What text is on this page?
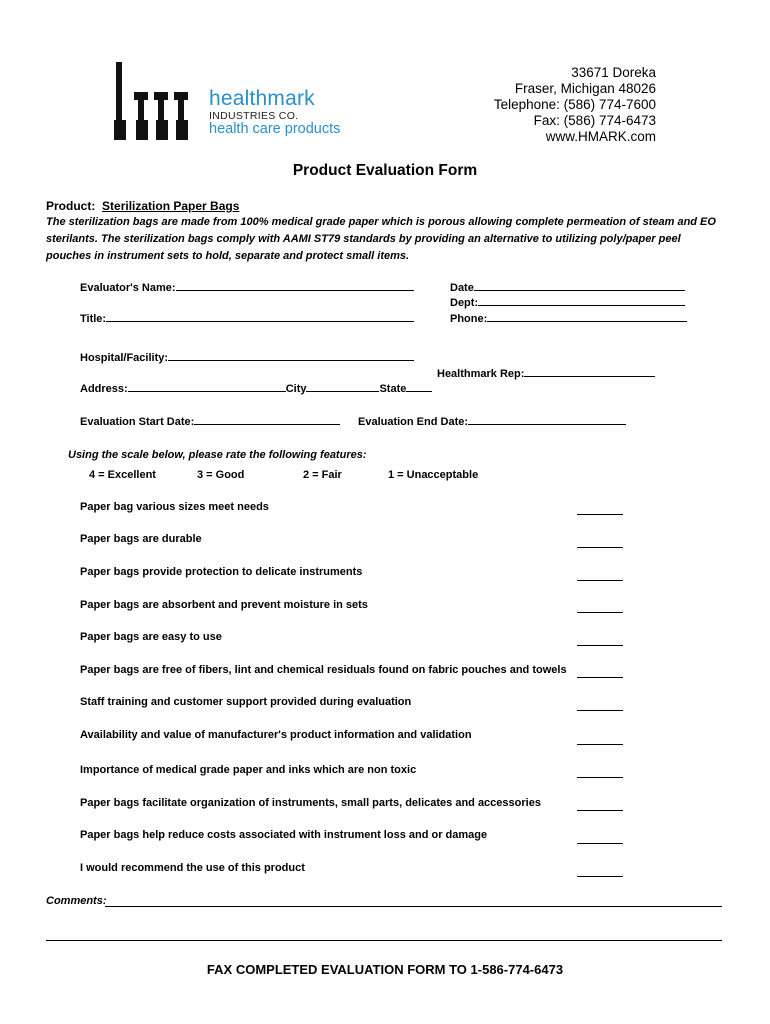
healthmark
INDUSTRIES CO.
health care products
33671 Doreka
Fraser, Michigan 48026
Telephone: (586) 774-7600
Fax: (586) 774-6473
www.HMARK.com
Product Evaluation Form
Product: Sterilization Paper Bags
The sterilization bags are made from 100% medical grade paper which is porous allowing complete permeation of steam and EO sterilants. The sterilization bags comply with AAMI ST79 standards by providing an alternative to utilizing poly/paper peel pouches in instrument sets to hold, separate and protect small items.
Evaluator's Name:
Title:
Date
Dept:
Phone:
Hospital/Facility:
Healthmark Rep:
Address:	City	State
Evaluation Start Date:	Evaluation End Date:
Using the scale below, please rate the following features:
4 = Excellent	3 = Good	2 = Fair	1 = Unacceptable
Paper bag various sizes meet needs
Paper bags are durable
Paper bags provide protection to delicate instruments
Paper bags are absorbent and prevent moisture in sets
Paper bags are easy to use
Paper bags are free of fibers, lint and chemical residuals found on fabric pouches and towels
Staff training and customer support provided during evaluation
Availability and value of manufacturer's product information and validation
Importance of medical grade paper and inks which are non toxic
Paper bags facilitate organization of instruments, small parts, delicates and accessories
Paper bags help reduce costs associated with instrument loss and or damage
I would recommend the use of this product
Comments:
FAX COMPLETED EVALUATION FORM TO 1-586-774-6473
